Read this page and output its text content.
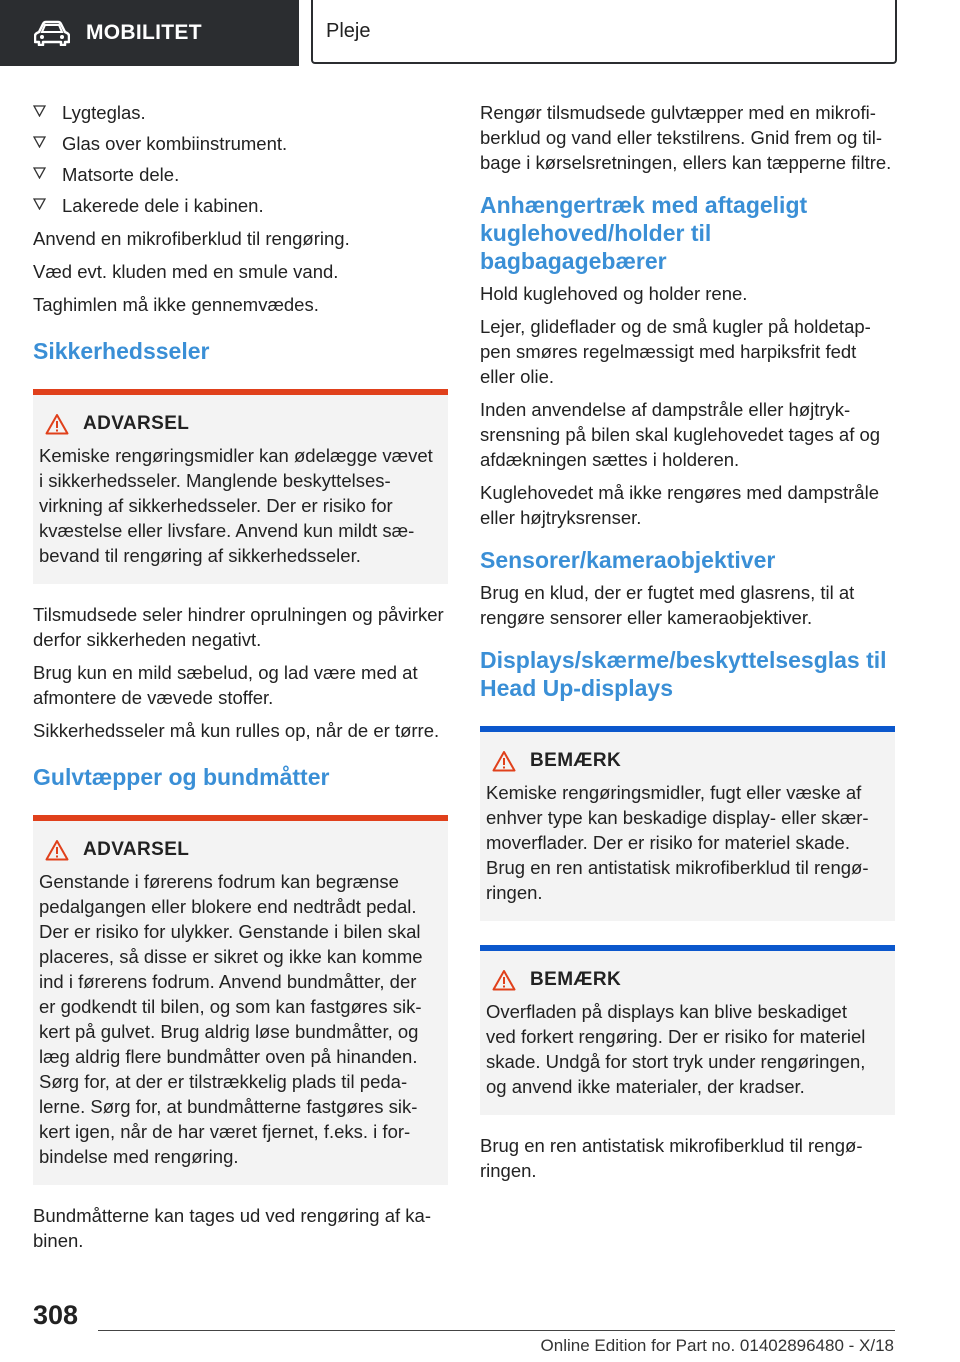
MOBILITET	Pleje
Lygteglas.
Glas over kombiinstrument.
Matsorte dele.
Lakerede dele i kabinen.

Anvend en mikrofiberklud til rengøring.

Væd evt. kluden med en smule vand.

Taghimlen må ikke gennemvædes.

Sikkerhedsseler
ADVARSEL

Kemiske rengøringsmidler kan ødelægge vævet i sikkerhedsseler. Manglende beskyttelsesvirkning af sikkerhedsseler. Der er risiko for kvæstelse eller livsfare. Anvend kun mildt sæbevand til rengøring af sikkerhedsseler.

Tilsmudsede seler hindrer oprulningen og påvirker derfor sikkerheden negativt.

Brug kun en mild sæbelud, og lad være med at afmontere de vævede stoffer.

Sikkerhedsseler må kun rulles op, når de er tørre.

Gulvtæpper og bundmåtter
ADVARSEL

Genstande i førerens fodrum kan begrænse pedalgangen eller blokere end nedtrådt pedal. Der er risiko for ulykker. Genstande i bilen skal placeres, så disse er sikret og ikke kan komme ind i førerens fodrum. Anvend bundmåtter, der er godkendt til bilen, og som kan fastgøres sikkert på gulvet. Brug aldrig løse bundmåtter, og læg aldrig flere bundmåtter oven på hinanden. Sørg for, at der er tilstrækkelig plads til pedalerne. Sørg for, at bundmåtterne fastgøres sikkert igen, når de har været fjernet, f.eks. i forbindelse med rengøring.

Bundmåtterne kan tages ud ved rengøring af kabinen.

Rengør tilsmudsede gulvtæpper med en mikrofiberklud og vand eller tekstilrens. Gnid frem og tilbage i kørselsretningen, ellers kan tæpperne filtre.

Anhængertræk med aftageligt kuglehoved/holder til bagbagagebærer

Hold kuglehoved og holder rene.

Lejer, glideflader og de små kugler på holdetappen smøres regelmæssigt med harpiksfrit fedt eller olie.

Inden anvendelse af dampstråle eller højtryksrensning på bilen skal kuglehovedet tages af og afdækningen sættes i holderen.

Kuglehovedet må ikke rengøres med dampstråle eller højtryksrenser.

Sensorer/kameraobjektiver

Brug en klud, der er fugtet med glasrens, til at rengøre sensorer eller kameraobjektiver.

Displays/skærme/beskyttelsesglas til Head Up-displays
BEMÆRK

Kemiske rengøringsmidler, fugt eller væske af enhver type kan beskadige display- eller skærmoverflader. Der er risiko for materiel skade. Brug en ren antistatisk mikrofiberklud til rengøringen.

BEMÆRK

Overfladen på displays kan blive beskadiget ved forkert rengøring. Der er risiko for materiel skade. Undgå for stort tryk under rengøringen, og anvend ikke materialer, der kradser.

Brug en ren antistatisk mikrofiberklud til rengøringen.

308
Online Edition for Part no. 01402896480 - X/18
